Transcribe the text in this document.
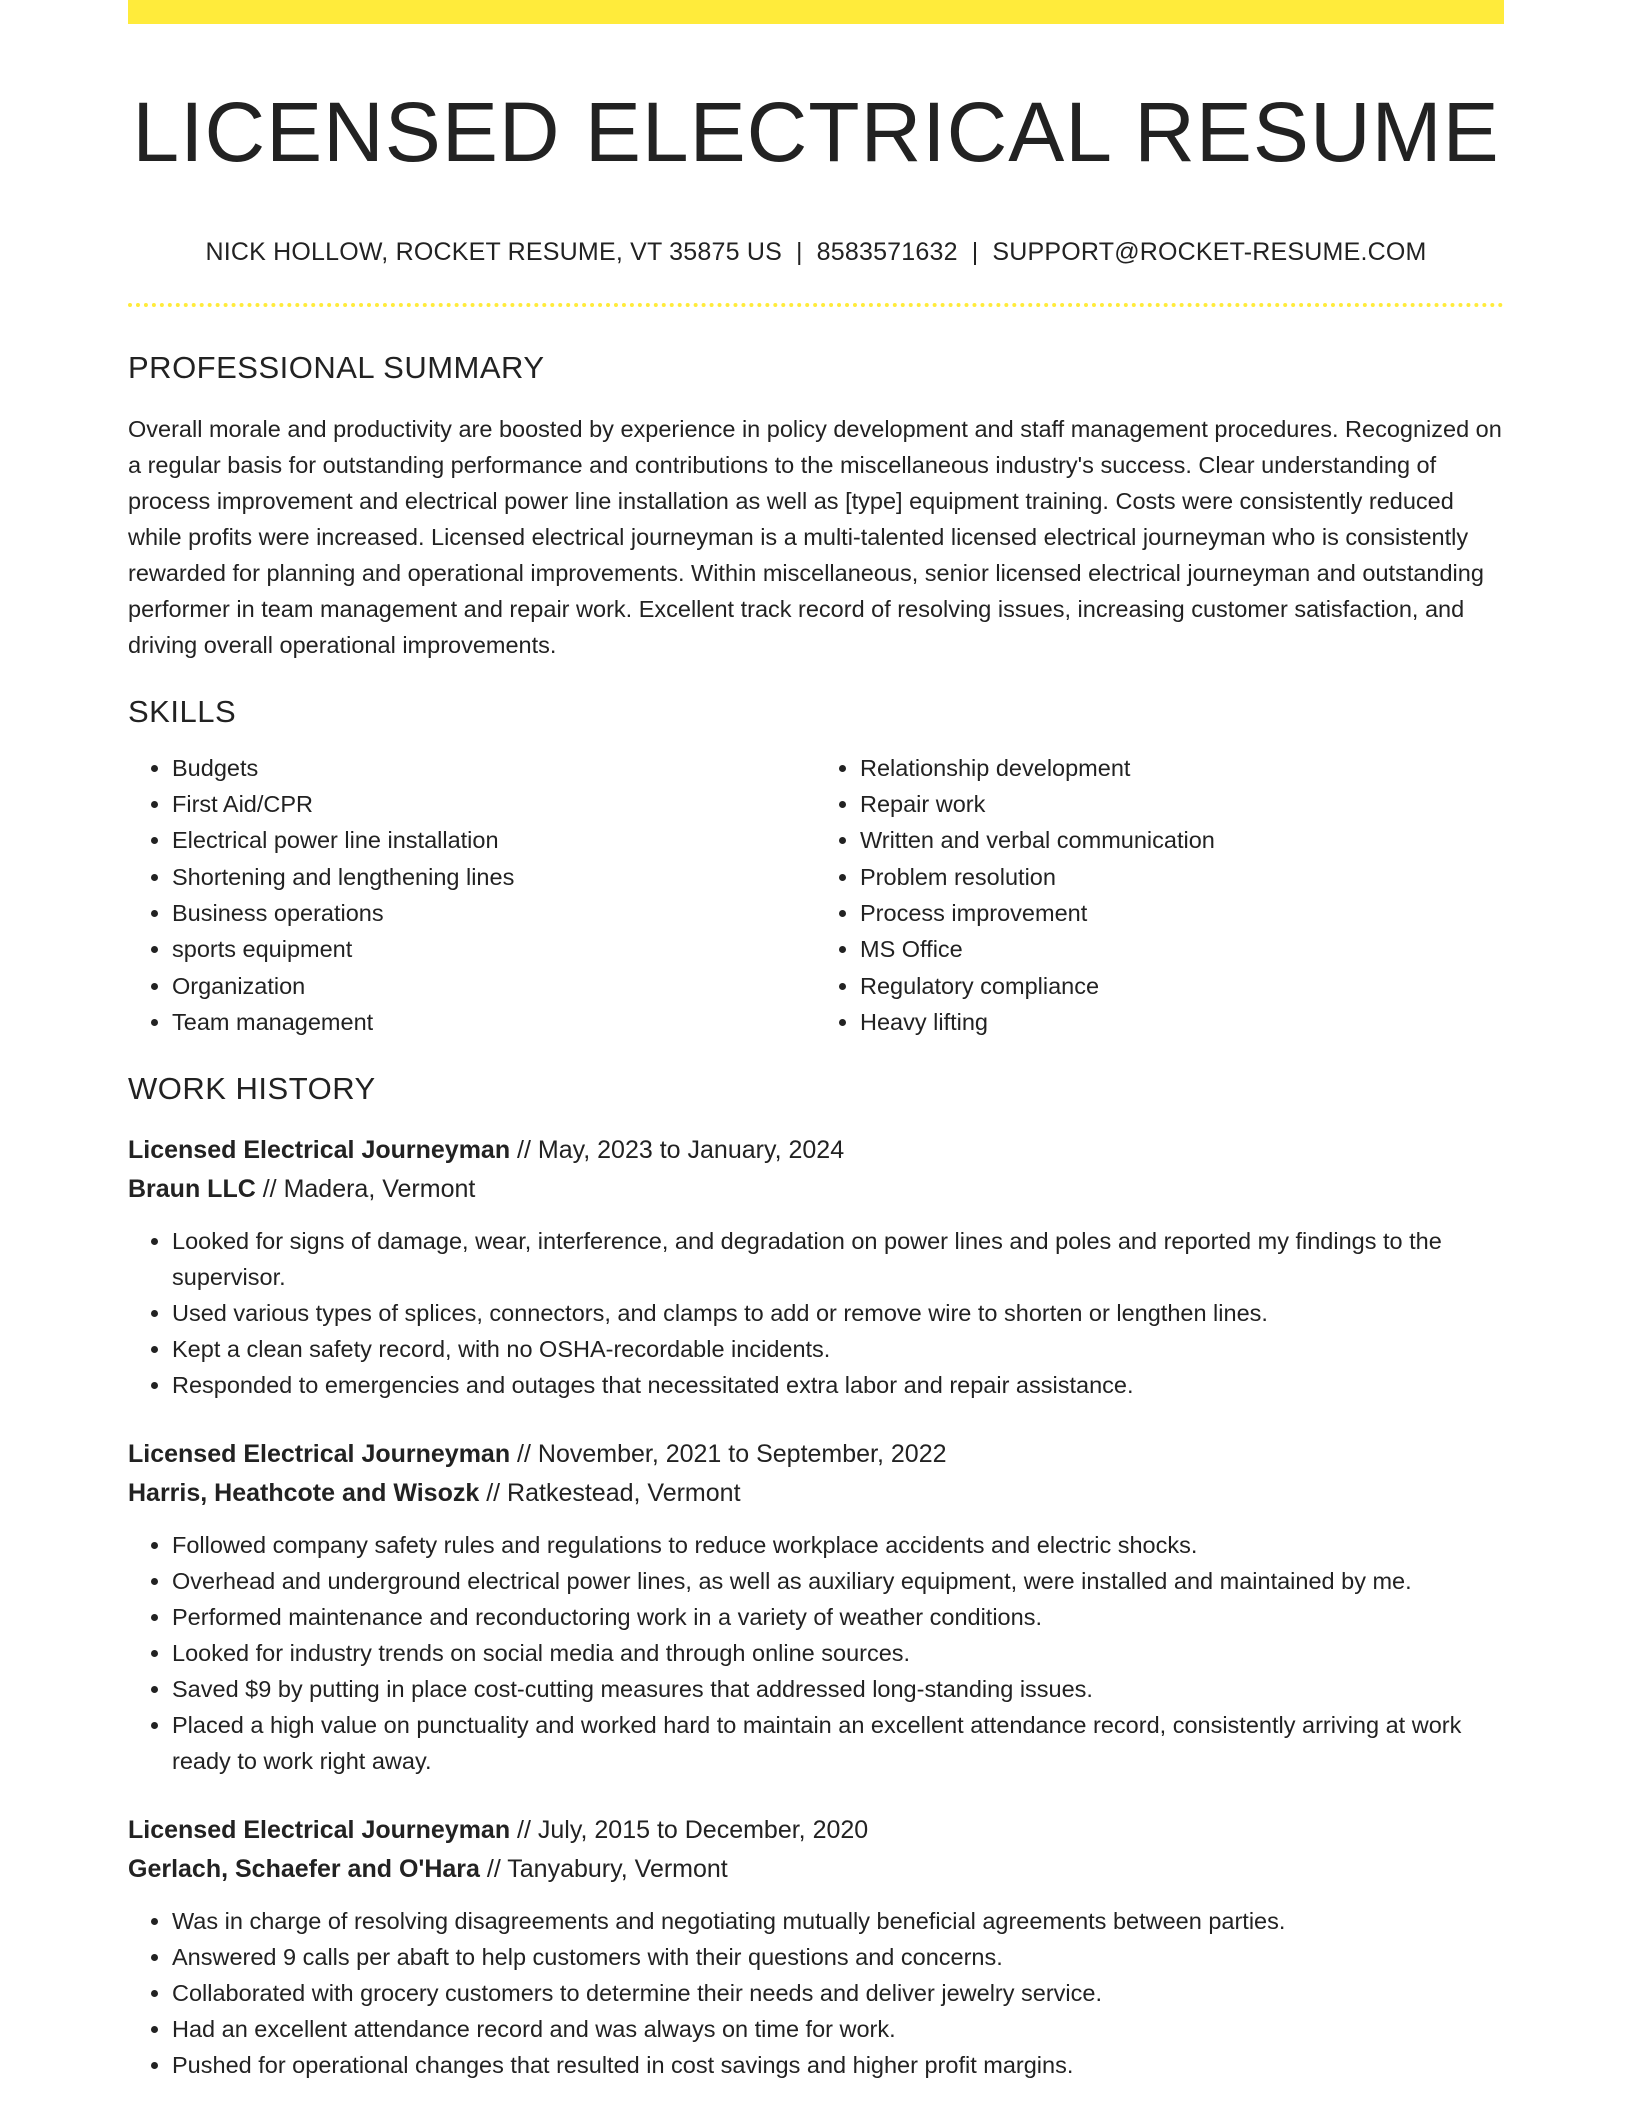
LICENSED ELECTRICAL RESUME
NICK HOLLOW, ROCKET RESUME, VT 35875 US | 8583571632 | SUPPORT@ROCKET-RESUME.COM
PROFESSIONAL SUMMARY

Overall morale and productivity are boosted by experience in policy development and staff management procedures. Recognized on a regular basis for outstanding performance and contributions to the miscellaneous industry's success. Clear understanding of process improvement and electrical power line installation as well as [type] equipment training. Costs were consistently reduced while profits were increased. Licensed electrical journeyman is a multi-talented licensed electrical journeyman who is consistently rewarded for planning and operational improvements. Within miscellaneous, senior licensed electrical journeyman and outstanding performer in team management and repair work. Excellent track record of resolving issues, increasing customer satisfaction, and driving overall operational improvements.

SKILLS
• Budgets
• First Aid/CPR
• Electrical power line installation
• Shortening and lengthening lines
• Business operations
• sports equipment
• Organization
• Team management
• Relationship development
• Repair work
• Written and verbal communication
• Problem resolution
• Process improvement
• MS Office
• Regulatory compliance
• Heavy lifting
WORK HISTORY
Licensed Electrical Journeyman // May, 2023 to January, 2024
Braun LLC // Madera, Vermont
• Looked for signs of damage, wear, interference, and degradation on power lines and poles and reported my findings to the supervisor.
• Used various types of splices, connectors, and clamps to add or remove wire to shorten or lengthen lines.
• Kept a clean safety record, with no OSHA-recordable incidents.
• Responded to emergencies and outages that necessitated extra labor and repair assistance.
Licensed Electrical Journeyman // November, 2021 to September, 2022
Harris, Heathcote and Wisozk // Ratkestead, Vermont
• Followed company safety rules and regulations to reduce workplace accidents and electric shocks.
• Overhead and underground electrical power lines, as well as auxiliary equipment, were installed and maintained by me.
• Performed maintenance and reconductoring work in a variety of weather conditions.
• Looked for industry trends on social media and through online sources.
• Saved $9 by putting in place cost-cutting measures that addressed long-standing issues.
• Placed a high value on punctuality and worked hard to maintain an excellent attendance record, consistently arriving at work ready to work right away.
Licensed Electrical Journeyman // July, 2015 to December, 2020
Gerlach, Schaefer and O'Hara // Tanyabury, Vermont
• Was in charge of resolving disagreements and negotiating mutually beneficial agreements between parties.
• Answered 9 calls per abaft to help customers with their questions and concerns.
• Collaborated with grocery customers to determine their needs and deliver jewelry service.
• Had an excellent attendance record and was always on time for work.
• Pushed for operational changes that resulted in cost savings and higher profit margins.
